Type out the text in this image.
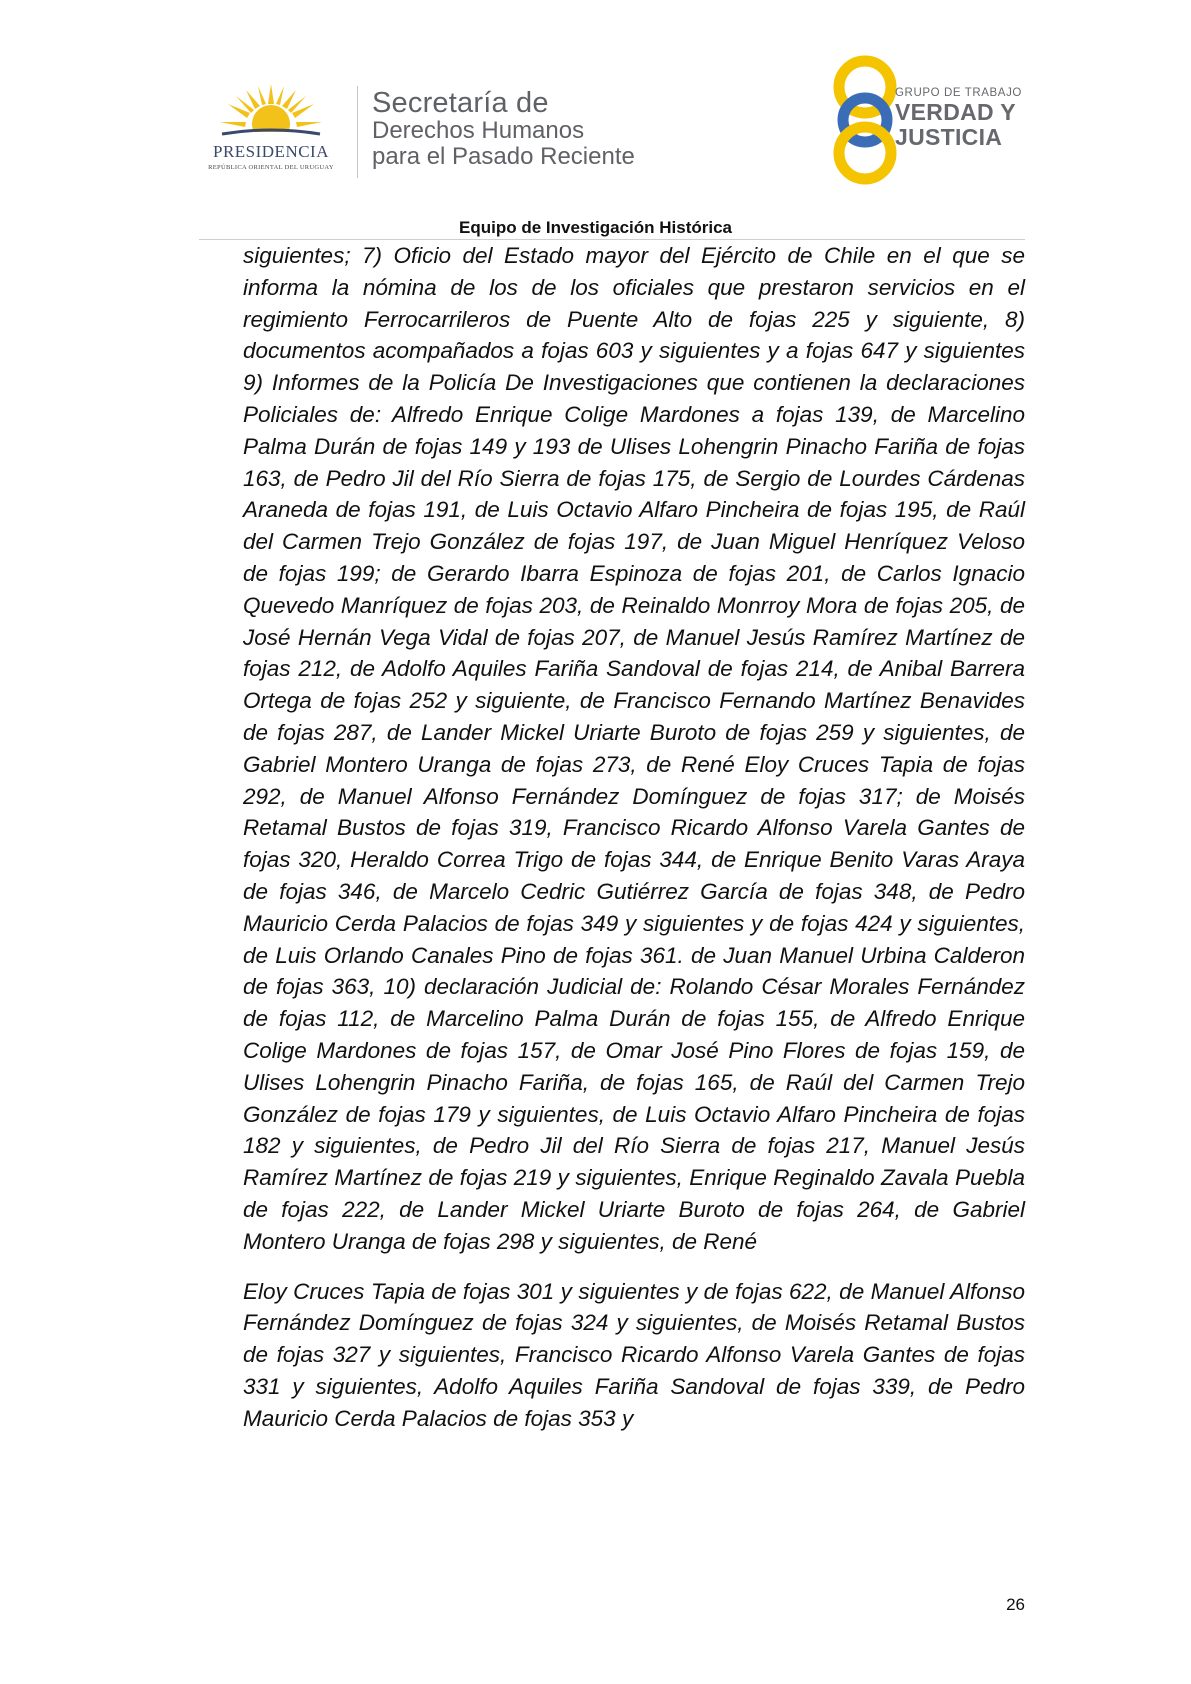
PRESIDENCIA
REPÚBLICA ORIENTAL DEL URUGUAY
Secretaría de
Derechos Humanos
para el Pasado Reciente
GRUPO DE TRABAJO
VERDAD Y
JUSTICIA
Equipo de Investigación Histórica

siguientes; 7) Oficio del Estado mayor del Ejército de Chile en el que se informa la nómina de los de los oficiales que prestaron servicios en el regimiento Ferrocarrileros de Puente Alto de fojas 225 y siguiente, 8) documentos acompañados a fojas 603 y siguientes y a fojas 647 y siguientes 9) Informes de la Policía De Investigaciones que contienen la declaraciones Policiales de: Alfredo Enrique Colige Mardones a fojas 139, de Marcelino Palma Durán de fojas 149 y 193 de Ulises Lohengrin Pinacho Fariña de fojas 163, de Pedro Jil del Río Sierra de fojas 175, de Sergio de Lourdes Cárdenas Araneda de fojas 191, de Luis Octavio Alfaro Pincheira de fojas 195, de Raúl del Carmen Trejo González de fojas 197, de Juan Miguel Henríquez Veloso de fojas 199; de Gerardo Ibarra Espinoza de fojas 201, de Carlos Ignacio Quevedo Manríquez de fojas 203, de Reinaldo Monrroy Mora de fojas 205, de José Hernán Vega Vidal de fojas 207, de Manuel Jesús Ramírez Martínez de fojas 212, de Adolfo Aquiles Fariña Sandoval de fojas 214, de Anibal Barrera Ortega de fojas 252 y siguiente, de Francisco Fernando Martínez Benavides de fojas 287, de Lander Mickel Uriarte Buroto de fojas 259 y siguientes, de Gabriel Montero Uranga de fojas 273, de René Eloy Cruces Tapia de fojas 292, de Manuel Alfonso Fernández Domínguez de fojas 317; de Moisés Retamal Bustos de fojas 319, Francisco Ricardo Alfonso Varela Gantes de fojas 320, Heraldo Correa Trigo de fojas 344, de Enrique Benito Varas Araya de fojas 346, de Marcelo Cedric Gutiérrez García de fojas 348, de Pedro Mauricio Cerda Palacios de fojas 349 y siguientes y de fojas 424 y siguientes, de Luis Orlando Canales Pino de fojas 361. de Juan Manuel Urbina Calderon de fojas 363, 10) declaración Judicial de: Rolando César Morales Fernández de fojas 112, de Marcelino Palma Durán de fojas 155, de Alfredo Enrique Colige Mardones de fojas 157, de Omar José Pino Flores de fojas 159, de Ulises Lohengrin Pinacho Fariña, de fojas 165, de Raúl del Carmen Trejo González de fojas 179 y siguientes, de Luis Octavio Alfaro Pincheira de fojas 182 y siguientes, de Pedro Jil del Río Sierra de fojas 217, Manuel Jesús Ramírez Martínez de fojas 219 y siguientes, Enrique Reginaldo Zavala Puebla de fojas 222, de Lander Mickel Uriarte Buroto de fojas 264, de Gabriel Montero Uranga de fojas 298 y siguientes, de René

Eloy Cruces Tapia de fojas 301 y siguientes y de fojas 622, de Manuel Alfonso Fernández Domínguez de fojas 324 y siguientes, de Moisés Retamal Bustos de fojas 327 y siguientes, Francisco Ricardo Alfonso Varela Gantes de fojas 331 y siguientes, Adolfo Aquiles Fariña Sandoval de fojas 339, de Pedro Mauricio Cerda Palacios de fojas 353 y

26
